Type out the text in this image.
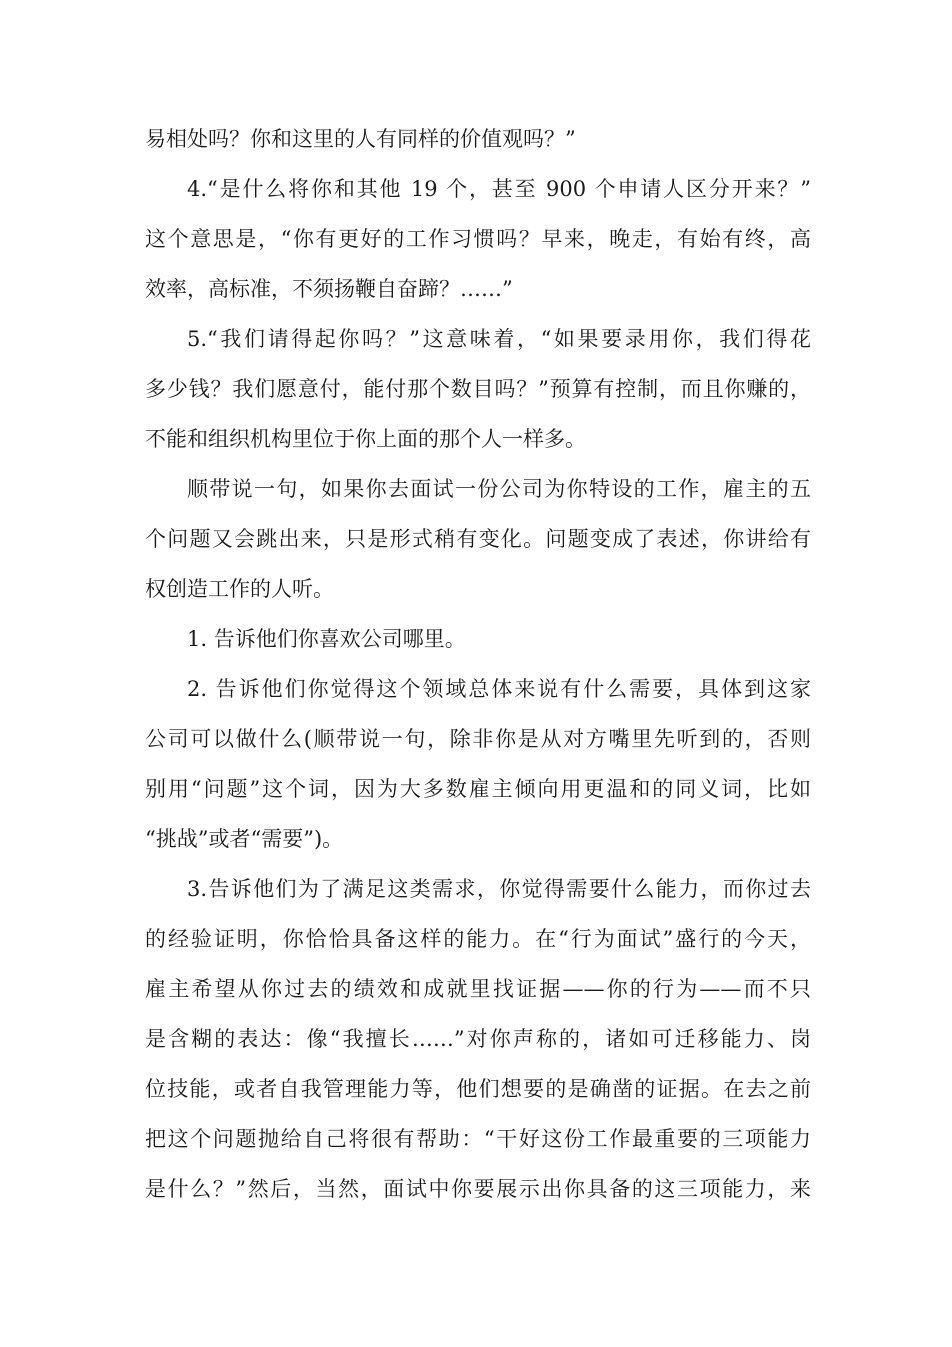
易相处吗？你和这里的人有同样的价值观吗？”
4.“是什么将你和其他 19 个，甚至 900 个申请人区分开来？”
这个意思是，“你有更好的工作习惯吗？早来，晚走，有始有终，高
效率，高标准，不须扬鞭自奋蹄？……”
5.“我们请得起你吗？”这意味着，“如果要录用你，我们得花
多少钱？我们愿意付，能付那个数目吗？”预算有控制，而且你赚的，
不能和组织机构里位于你上面的那个人一样多。
顺带说一句，如果你去面试一份公司为你特设的工作，雇主的五
个问题又会跳出来，只是形式稍有变化。问题变成了表述，你讲给有
权创造工作的人听。
1. 告诉他们你喜欢公司哪里。
2. 告诉他们你觉得这个领域总体来说有什么需要，具体到这家
公司可以做什么(顺带说一句，除非你是从对方嘴里先听到的，否则
别用“问题”这个词，因为大多数雇主倾向用更温和的同义词，比如
“挑战”或者“需要”)。
3.告诉他们为了满足这类需求，你觉得需要什么能力，而你过去
的经验证明，你恰恰具备这样的能力。在“行为面试”盛行的今天，
雇主希望从你过去的绩效和成就里找证据——你的行为——而不只
是含糊的表达：像“我擅长……”对你声称的，诸如可迁移能力、岗
位技能，或者自我管理能力等，他们想要的是确凿的证据。在去之前
把这个问题抛给自己将很有帮助：“干好这份工作最重要的三项能力
是什么？”然后，当然，面试中你要展示出你具备的这三项能力，来
